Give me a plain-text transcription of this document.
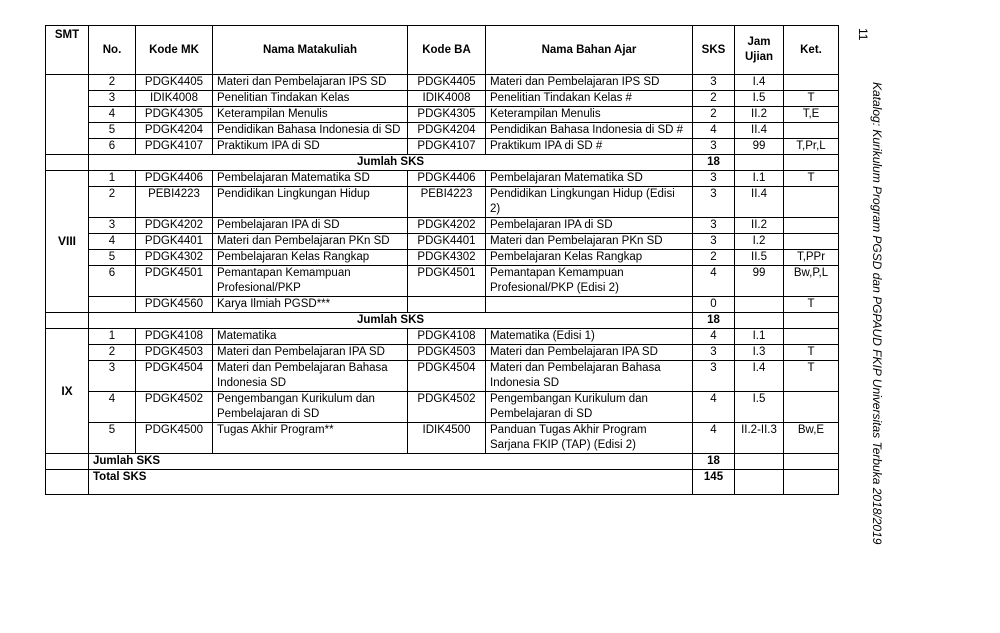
SMT	No.	Kode MK	Nama Matakuliah	Kode BA	Nama Bahan Ajar	SKS	Jam Ujian	Ket.
	2	PDGK4405	Materi dan Pembelajaran IPS SD	PDGK4405	Materi dan Pembelajaran IPS SD	3	I.4	
	3	IDIK4008	Penelitian Tindakan Kelas	IDIK4008	Penelitian Tindakan Kelas #	2	I.5	T
	4	PDGK4305	Keterampilan Menulis	PDGK4305	Keterampilan Menulis	2	II.2	T,E
	5	PDGK4204	Pendidikan Bahasa Indonesia di SD	PDGK4204	Pendidikan Bahasa Indonesia di SD #	4	II.4	
	6	PDGK4107	Praktikum IPA di SD	PDGK4107	Praktikum IPA di SD #	3	99	T,Pr,L
	Jumlah SKS					18		
VIII	1	PDGK4406	Pembelajaran Matematika SD	PDGK4406	Pembelajaran Matematika SD	3	I.1	T
	2	PEBI4223	Pendidikan Lingkungan Hidup	PEBI4223	Pendidikan Lingkungan Hidup (Edisi 2)	3	II.4	
	3	PDGK4202	Pembelajaran IPA di SD	PDGK4202	Pembelajaran IPA di SD	3	II.2	
	4	PDGK4401	Materi dan Pembelajaran PKn SD	PDGK4401	Materi dan Pembelajaran PKn SD	3	I.2	
	5	PDGK4302	Pembelajaran Kelas Rangkap	PDGK4302	Pembelajaran Kelas Rangkap	2	II.5	T,PPr
	6	PDGK4501	Pemantapan Kemampuan Profesional/PKP	PDGK4501	Pemantapan Kemampuan Profesional/PKP (Edisi 2)	4	99	Bw,P,L
		PDGK4560	Karya Ilmiah PGSD***			0		T
	Jumlah SKS					18		
IX	1	PDGK4108	Matematika	PDGK4108	Matematika (Edisi 1)	4	I.1	
	2	PDGK4503	Materi dan Pembelajaran IPA SD	PDGK4503	Materi dan Pembelajaran IPA SD	3	I.3	T
	3	PDGK4504	Materi dan Pembelajaran Bahasa Indonesia SD	PDGK4504	Materi dan Pembelajaran Bahasa Indonesia SD	3	I.4	T
	4	PDGK4502	Pengembangan Kurikulum dan Pembelajaran di SD	PDGK4502	Pengembangan Kurikulum dan Pembelajaran di SD	4	I.5	
	5	PDGK4500	Tugas Akhir Program**	IDIK4500	Panduan Tugas Akhir Program Sarjana FKIP (TAP) (Edisi 2)	4	II.2-II.3	Bw,E
	Jumlah SKS					18		
	Total SKS					145		
11
Katalog: Kurikulum Program PGSD dan PGPAUD FKIP Universitas Terbuka 2018/2019
